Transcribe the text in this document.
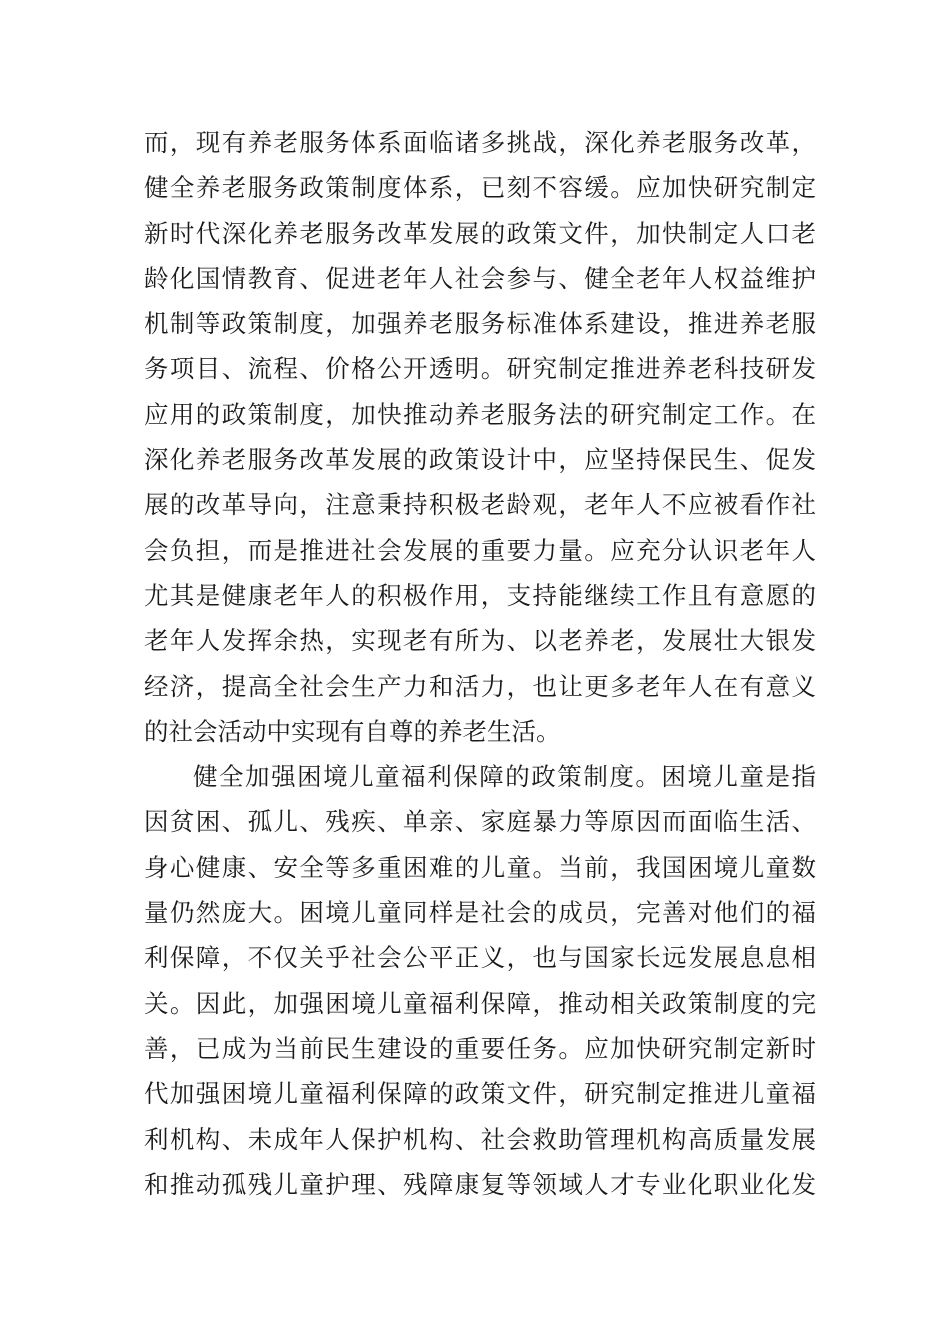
而，现有养老服务体系面临诸多挑战，深化养老服务改革，
健全养老服务政策制度体系，已刻不容缓。应加快研究制定
新时代深化养老服务改革发展的政策文件，加快制定人口老
龄化国情教育、促进老年人社会参与、健全老年人权益维护
机制等政策制度，加强养老服务标准体系建设，推进养老服
务项目、流程、价格公开透明。研究制定推进养老科技研发
应用的政策制度，加快推动养老服务法的研究制定工作。在
深化养老服务改革发展的政策设计中，应坚持保民生、促发
展的改革导向，注意秉持积极老龄观，老年人不应被看作社
会负担，而是推进社会发展的重要力量。应充分认识老年人
尤其是健康老年人的积极作用，支持能继续工作且有意愿的
老年人发挥余热，实现老有所为、以老养老，发展壮大银发
经济，提高全社会生产力和活力，也让更多老年人在有意义
的社会活动中实现有自尊的养老生活。
健全加强困境儿童福利保障的政策制度。困境儿童是指
因贫困、孤儿、残疾、单亲、家庭暴力等原因而面临生活、
身心健康、安全等多重困难的儿童。当前，我国困境儿童数
量仍然庞大。困境儿童同样是社会的成员，完善对他们的福
利保障，不仅关乎社会公平正义，也与国家长远发展息息相
关。因此，加强困境儿童福利保障，推动相关政策制度的完
善，已成为当前民生建设的重要任务。应加快研究制定新时
代加强困境儿童福利保障的政策文件，研究制定推进儿童福
利机构、未成年人保护机构、社会救助管理机构高质量发展
和推动孤残儿童护理、残障康复等领域人才专业化职业化发
